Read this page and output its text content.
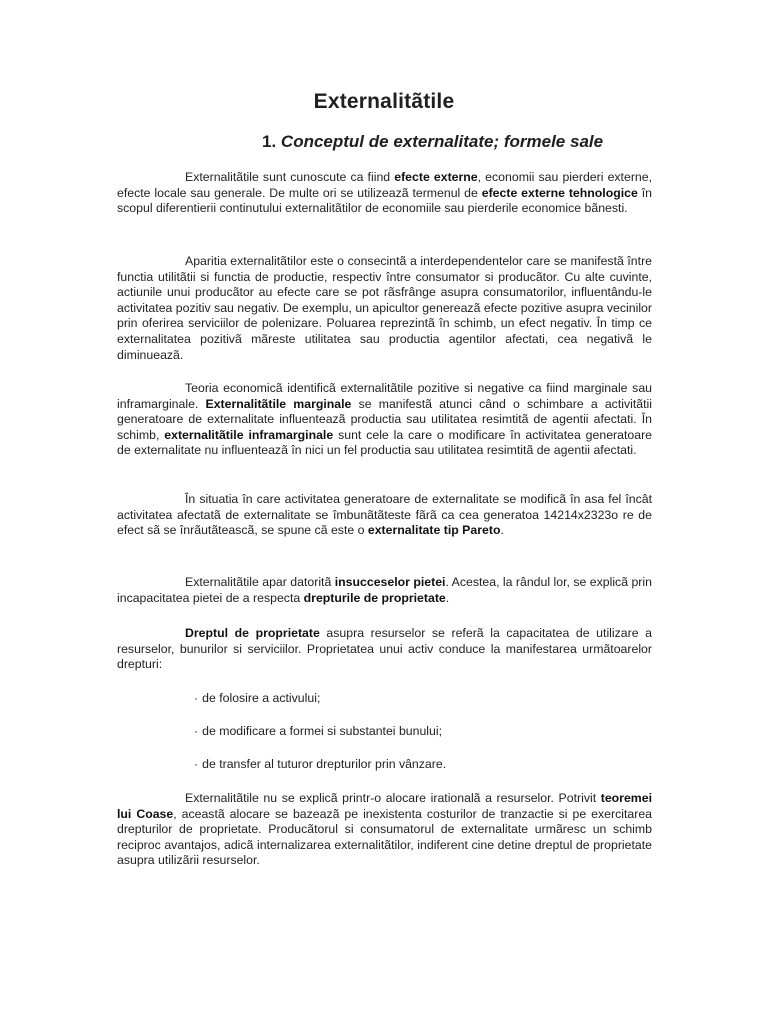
Externalitãtile
1. Conceptul de externalitate; formele sale

Externalitãtile sunt cunoscute ca fiind efecte externe, economii sau pierderi externe, efecte locale sau generale. De multe ori se utilizeazã termenul de efecte externe tehnologice în scopul diferentierii continutului externalitãtilor de economiile sau pierderile economice bãnesti.

Aparitia externalitãtilor este o consecintã a interdependentelor care se manifestã între functia utilitãtii si functia de productie, respectiv între consumator si producãtor. Cu alte cuvinte, actiunile unui producãtor au efecte care se pot rãsfrânge asupra consumatorilor, influentându-le activitatea pozitiv sau negativ. De exemplu, un apicultor genereazã efecte pozitive asupra vecinilor prin oferirea serviciilor de polenizare. Poluarea reprezintã în schimb, un efect negativ. În timp ce externalitatea pozitivã mãreste utilitatea sau productia agentilor afectati, cea negativã le diminueazã.

Teoria economicã identificã externalitãtile pozitive si negative ca fiind marginale sau inframarginale. Externalitãtile marginale se manifestã atunci când o schimbare a activitãtii generatoare de externalitate influenteazã productia sau utilitatea resimtitã de agentii afectati. În schimb, externalitãtile inframarginale sunt cele la care o modificare în activitatea generatoare de externalitate nu influenteazã în nici un fel productia sau utilitatea resimtitã de agentii afectati.

În situatia în care activitatea generatoare de externalitate se modificã în asa fel încât activitatea afectatã de externalitate se îmbunãtãteste fãrã ca cea generatoa 14214x2323o re de efect sã se înrãutãteascã, se spune cã este o externalitate tip Pareto.

Externalitãtile apar datoritã insucceselor pietei. Acestea, la rândul lor, se explicã prin incapacitatea pietei de a respecta drepturile de proprietate.

Dreptul de proprietate asupra resurselor se referã la capacitatea de utilizare a resurselor, bunurilor si serviciilor. Proprietatea unui activ conduce la manifestarea urmãtoarelor drepturi:

· de folosire a activului;

· de modificare a formei si substantei bunului;

· de transfer al tuturor drepturilor prin vânzare.

Externalitãtile nu se explicã printr-o alocare irationalã a resurselor. Potrivit teoremei lui Coase, aceastã alocare se bazeazã pe inexistenta costurilor de tranzactie si pe exercitarea drepturilor de proprietate. Producãtorul si consumatorul de externalitate urmãresc un schimb reciproc avantajos, adicã internalizarea externalitãtilor, indiferent cine detine dreptul de proprietate asupra utilizãrii resurselor.
